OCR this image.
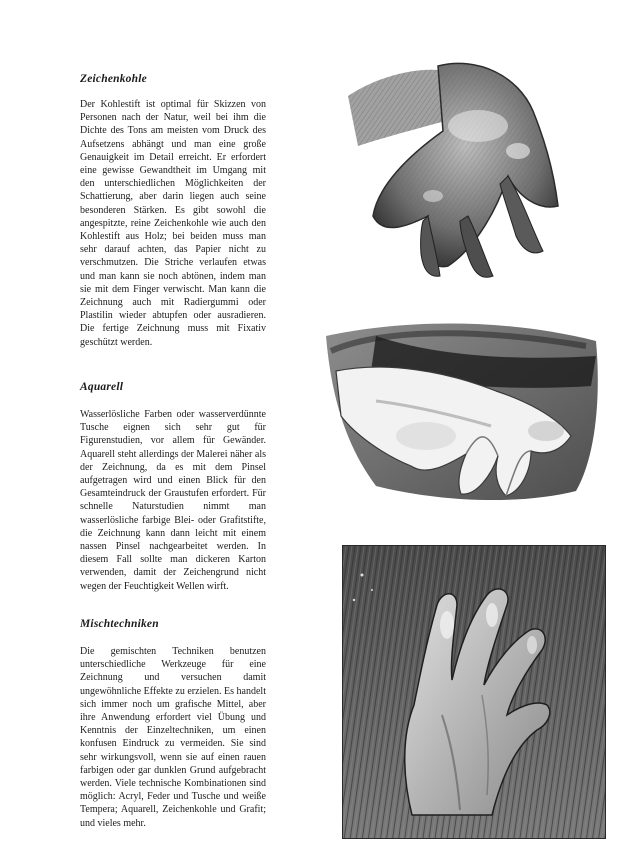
Zeichenkohle

Der Kohlestift ist optimal für Skizzen von Personen nach der Natur, weil bei ihm die Dichte des Tons am meisten vom Druck des Aufsetzens abhängt und man eine große Genauigkeit im Detail erreicht. Er erfordert eine gewisse Gewandtheit im Umgang mit den unterschiedlichen Möglichkeiten der Schattierung, aber darin liegen auch seine besonderen Stärken. Es gibt sowohl die angespitzte, reine Zeichenkohle wie auch den Kohlestift aus Holz; bei beiden muss man sehr darauf achten, das Papier nicht zu verschmutzen. Die Striche verlaufen etwas und man kann sie noch abtönen, indem man sie mit dem Finger verwischt. Man kann die Zeichnung auch mit Radiergummi oder Plastilin wieder abtupfen oder ausradieren. Die fertige Zeichnung muss mit Fixativ geschützt werden.

Aquarell

Wasserlösliche Farben oder wasserverdünnte Tusche eignen sich sehr gut für Figurenstudien, vor allem für Gewänder. Aquarell steht allerdings der Malerei näher als der Zeichnung, da es mit dem Pinsel aufgetragen wird und einen Blick für den Gesamteindruck der Graustufen erfordert. Für schnelle Naturstudien nimmt man wasserlösliche farbige Blei- oder Grafitstifte, die Zeichnung kann dann leicht mit einem nassen Pinsel nachgearbeitet werden. In diesem Fall sollte man dickeren Karton verwenden, damit der Zeichengrund nicht wegen der Feuchtigkeit Wellen wirft.

Mischtechniken

Die gemischten Techniken benutzen unterschiedliche Werkzeuge für eine Zeichnung und versuchen damit ungewöhnliche Effekte zu erzielen. Es handelt sich immer noch um grafische Mittel, aber ihre Anwendung erfordert viel Übung und Kenntnis der Einzeltechniken, um einen konfusen Eindruck zu vermeiden. Sie sind sehr wirkungsvoll, wenn sie auf einen rauen farbigen oder gar dunklen Grund aufgebracht werden. Viele technische Kombinationen sind möglich: Acryl, Feder und Tusche und weiße Tempera; Aquarell, Zeichenkohle und Grafit; und vieles mehr.
